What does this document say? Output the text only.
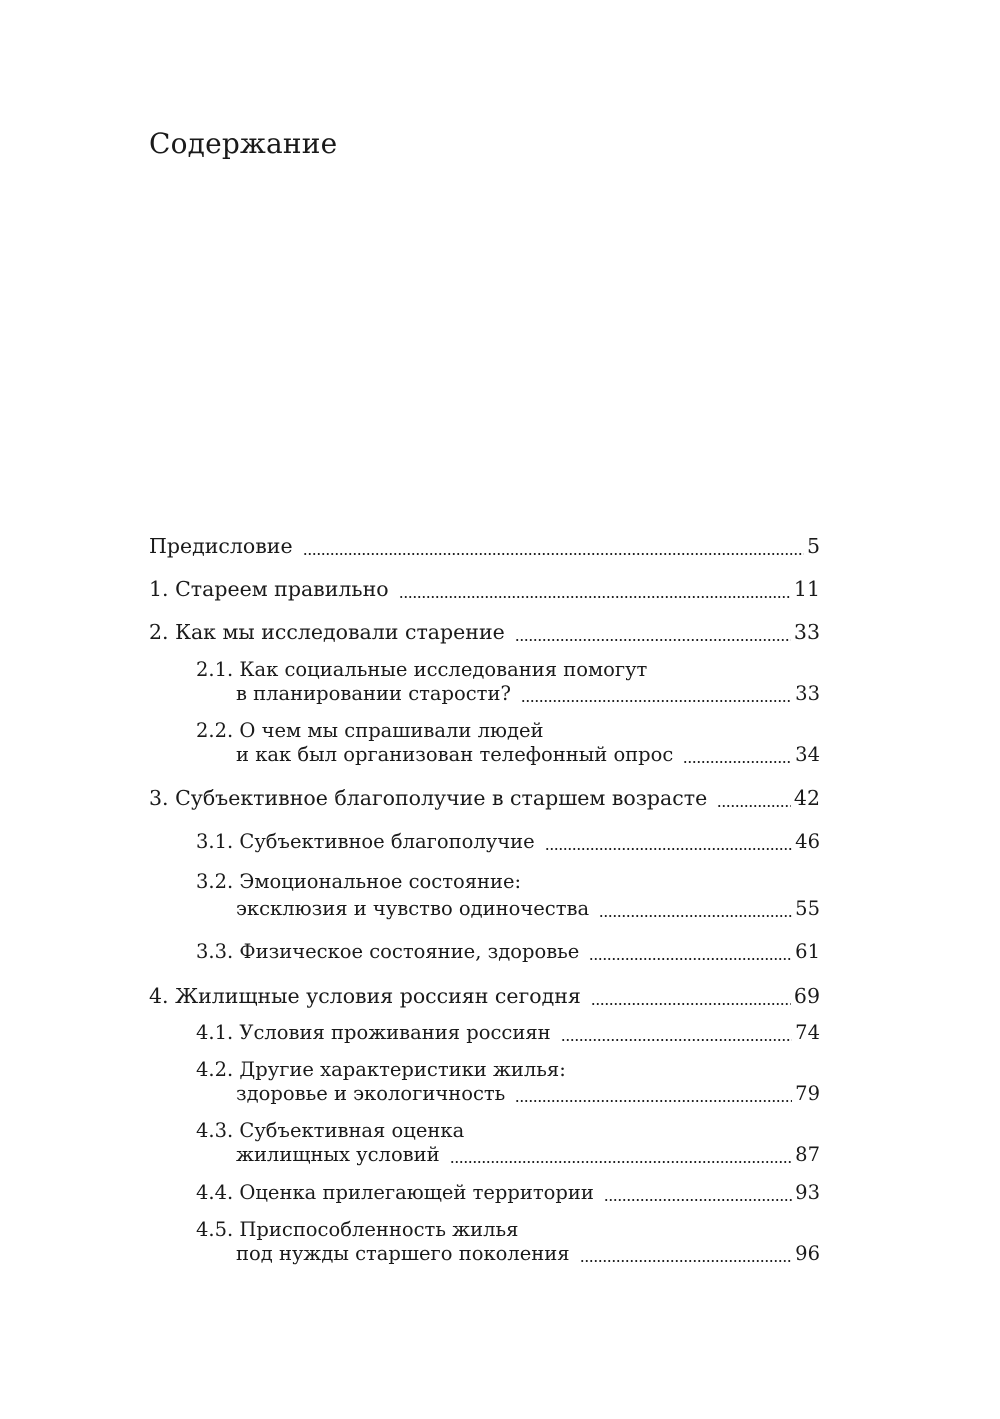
Содержание
Предисловие	5
1. Стареем правильно	11
2. Как мы исследовали старение	33
2.1. Как социальные исследования помогут
в планировании старости?	33
2.2. О чем мы спрашивали людей
и как был организован телефонный опрос	34
3. Субъективное благополучие в старшем возрасте	42
3.1. Субъективное благополучие	46
3.2. Эмоциональное состояние:
эксклюзия и чувство одиночества	55
3.3. Физическое состояние, здоровье	61
4. Жилищные условия россиян сегодня	69
4.1. Условия проживания россиян	74
4.2. Другие характеристики жилья:
здоровье и экологичность	79
4.3. Субъективная оценка
жилищных условий	87
4.4. Оценка прилегающей территории	93
4.5. Приспособленность жилья
под нужды старшего поколения	96
